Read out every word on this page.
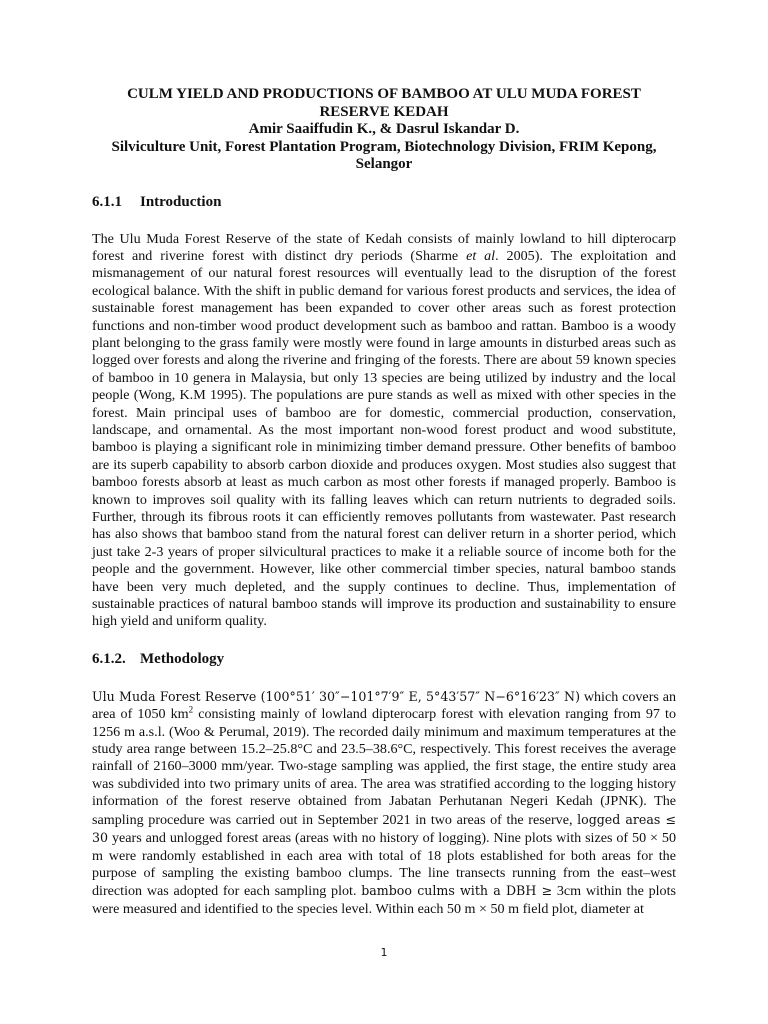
CULM YIELD AND PRODUCTIONS OF BAMBOO AT ULU MUDA FOREST
RESERVE KEDAH
Amir Saaiffudin K., & Dasrul Iskandar D.
Silviculture Unit, Forest Plantation Program, Biotechnology Division, FRIM Kepong,
Selangor
6.1.1 Introduction

The Ulu Muda Forest Reserve of the state of Kedah consists of mainly lowland to hill dipterocarp forest and riverine forest with distinct dry periods (Sharme et al. 2005). The exploitation and mismanagement of our natural forest resources will eventually lead to the disruption of the forest ecological balance. With the shift in public demand for various forest products and services, the idea of sustainable forest management has been expanded to cover other areas such as forest protection functions and non-timber wood product development such as bamboo and rattan. Bamboo is a woody plant belonging to the grass family were mostly were found in large amounts in disturbed areas such as logged over forests and along the riverine and fringing of the forests. There are about 59 known species of bamboo in 10 genera in Malaysia, but only 13 species are being utilized by industry and the local people (Wong, K.M 1995). The populations are pure stands as well as mixed with other species in the forest. Main principal uses of bamboo are for domestic, commercial production, conservation, landscape, and ornamental. As the most important non-wood forest product and wood substitute, bamboo is playing a significant role in minimizing timber demand pressure. Other benefits of bamboo are its superb capability to absorb carbon dioxide and produces oxygen. Most studies also suggest that bamboo forests absorb at least as much carbon as most other forests if managed properly. Bamboo is known to improves soil quality with its falling leaves which can return nutrients to degraded soils. Further, through its fibrous roots it can efficiently removes pollutants from wastewater. Past research has also shows that bamboo stand from the natural forest can deliver return in a shorter period, which just take 2-3 years of proper silvicultural practices to make it a reliable source of income both for the people and the government. However, like other commercial timber species, natural bamboo stands have been very much depleted, and the supply continues to decline. Thus, implementation of sustainable practices of natural bamboo stands will improve its production and sustainability to ensure high yield and uniform quality.

6.1.2. Methodology

Ulu Muda Forest Reserve (100°51′ 30″−101°7′9″ E, 5°43′57″ N−6°16′23″ N) which covers an area of 1050 $km^2$ consisting mainly of lowland dipterocarp forest with elevation ranging from 97 to 1256 m a.s.l. (Woo & Perumal, 2019). The recorded daily minimum and maximum temperatures at the study area range between 15.2–25.8°C and 23.5–38.6°C, respectively. This forest receives the average rainfall of 2160–3000 mm/year. Two-stage sampling was applied, the first stage, the entire study area was subdivided into two primary units of area. The area was stratified according to the logging history information of the forest reserve obtained from Jabatan Perhutanan Negeri Kedah (JPNK). The sampling procedure was carried out in September 2021 in two areas of the reserve, logged areas ≤ 30 years and unlogged forest areas (areas with no history of logging). Nine plots with sizes of 50 × 50 m were randomly established in each area with total of 18 plots established for both areas for the purpose of sampling the existing bamboo clumps. The line transects running from the east–west direction was adopted for each sampling plot. bamboo culms with a DBH ≥ 3cm within the plots were measured and identified to the species level. Within each 50 m × 50 m field plot, diameter at

1
